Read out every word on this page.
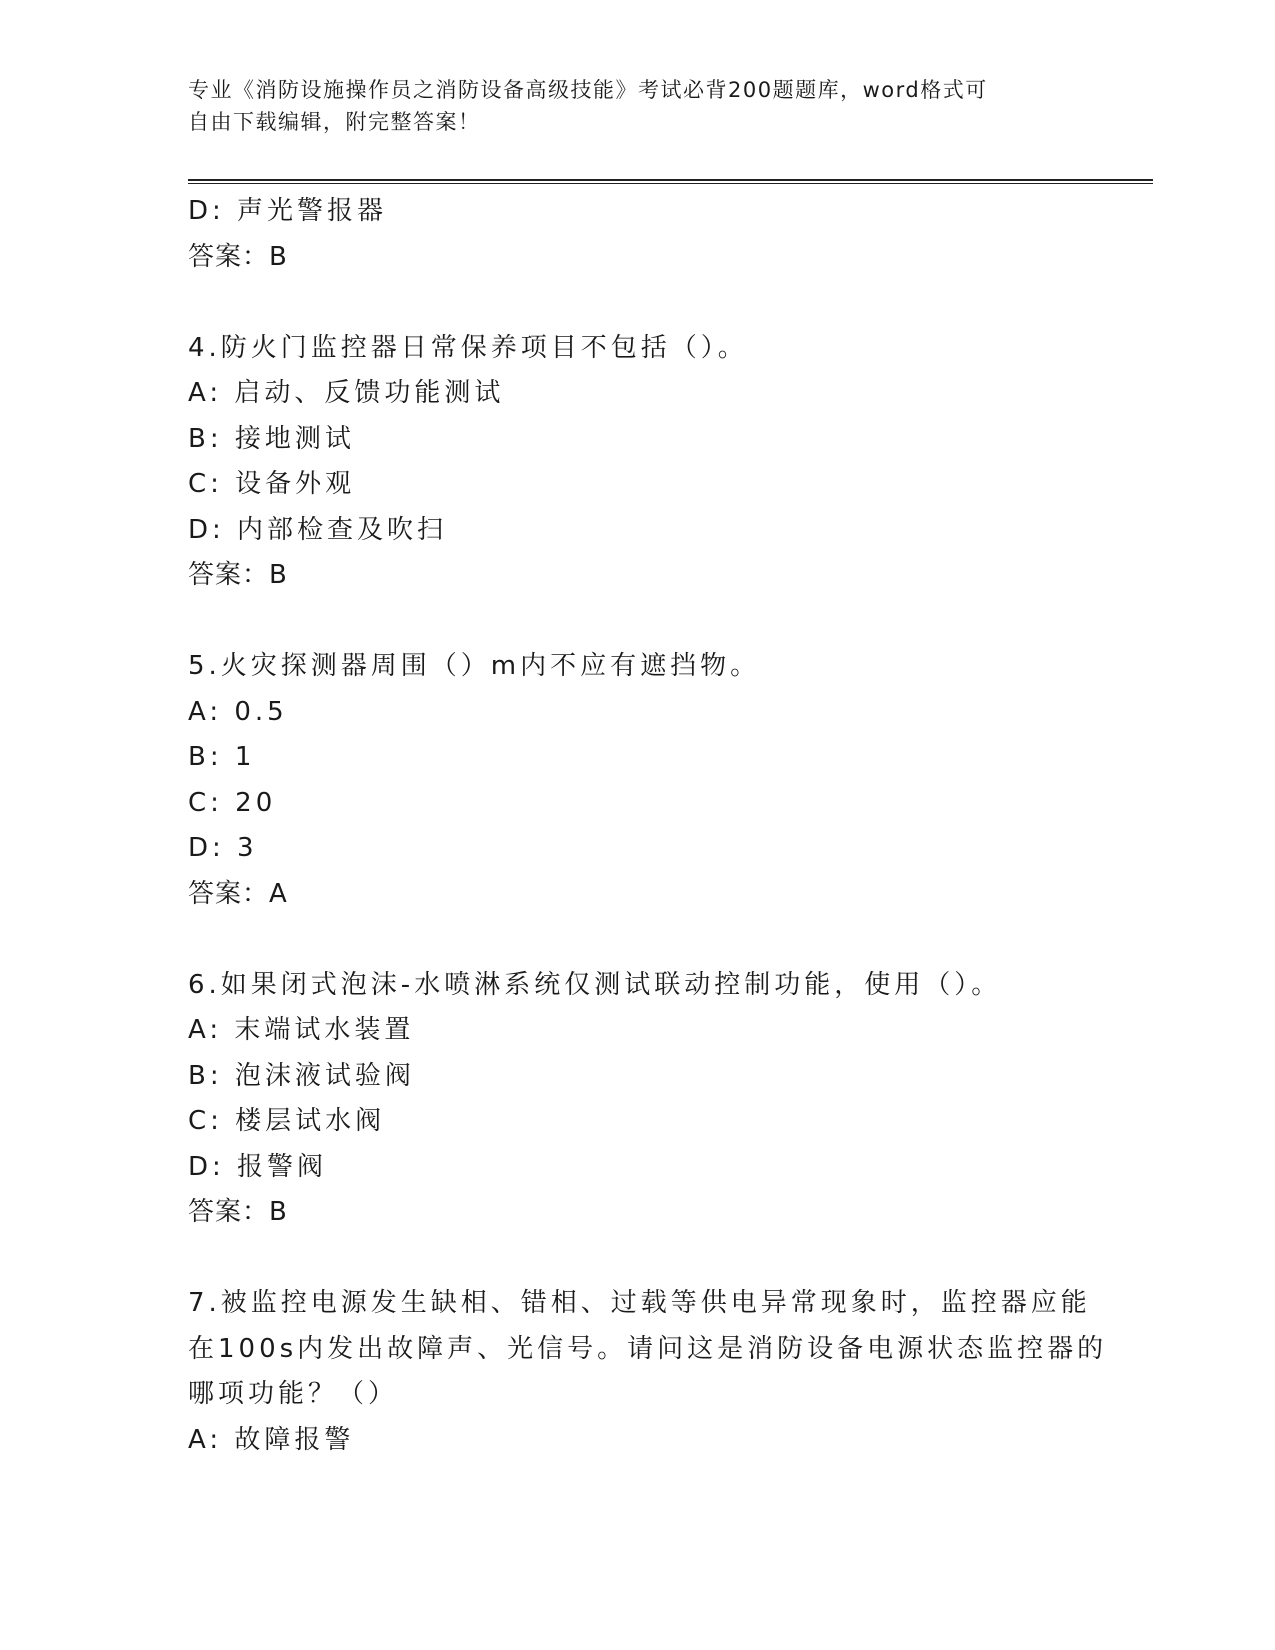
专业《消防设施操作员之消防设备高级技能》考试必背200题题库，word格式可
自由下载编辑，附完整答案！
D: 声光警报器
答案：B
4.防火门监控器日常保养项目不包括（）。
A: 启动、反馈功能测试
B: 接地测试
C: 设备外观
D: 内部检查及吹扫
答案：B
5.火灾探测器周围（）m内不应有遮挡物。
A: 0.5
B: 1
C: 20
D: 3
答案：A
6.如果闭式泡沫-水喷淋系统仅测试联动控制功能，使用（）。
A: 末端试水装置
B: 泡沫液试验阀
C: 楼层试水阀
D: 报警阀
答案：B
7.被监控电源发生缺相、错相、过载等供电异常现象时，监控器应能
在100s内发出故障声、光信号。请问这是消防设备电源状态监控器的
哪项功能？（）
A: 故障报警
